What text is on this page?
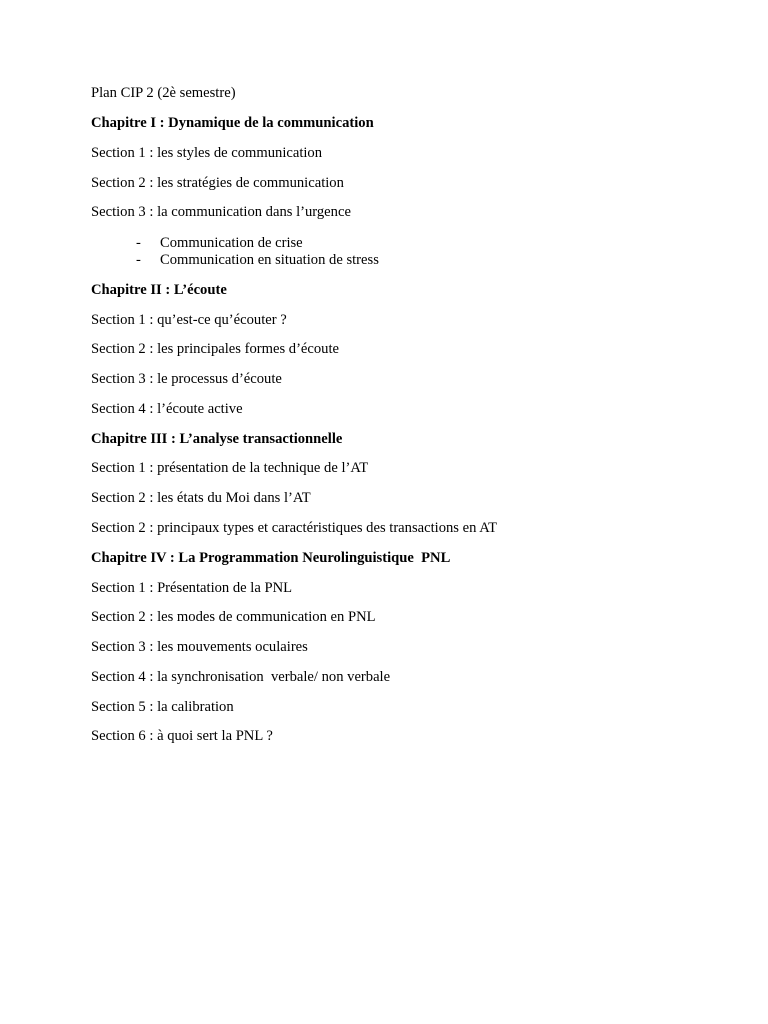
Plan CIP 2 (2è semestre)
Chapitre I : Dynamique de la communication
Section 1 : les styles de communication
Section 2 : les stratégies de communication
Section 3 : la communication dans l’urgence
- Communication de crise
- Communication en situation de stress
Chapitre II : L’écoute
Section 1 : qu’est-ce qu’écouter ?
Section 2 : les principales formes d’écoute
Section 3 : le processus d’écoute
Section 4 : l’écoute active
Chapitre III : L’analyse transactionnelle
Section 1 : présentation de la technique de l’AT
Section 2 : les états du Moi dans l’AT
Section 2 : principaux types et caractéristiques des transactions en AT
Chapitre IV : La Programmation Neurolinguistique  PNL
Section 1 : Présentation de la PNL
Section 2 : les modes de communication en PNL
Section 3 : les mouvements oculaires
Section 4 : la synchronisation  verbale/ non verbale
Section 5 : la calibration
Section 6 : à quoi sert la PNL ?
